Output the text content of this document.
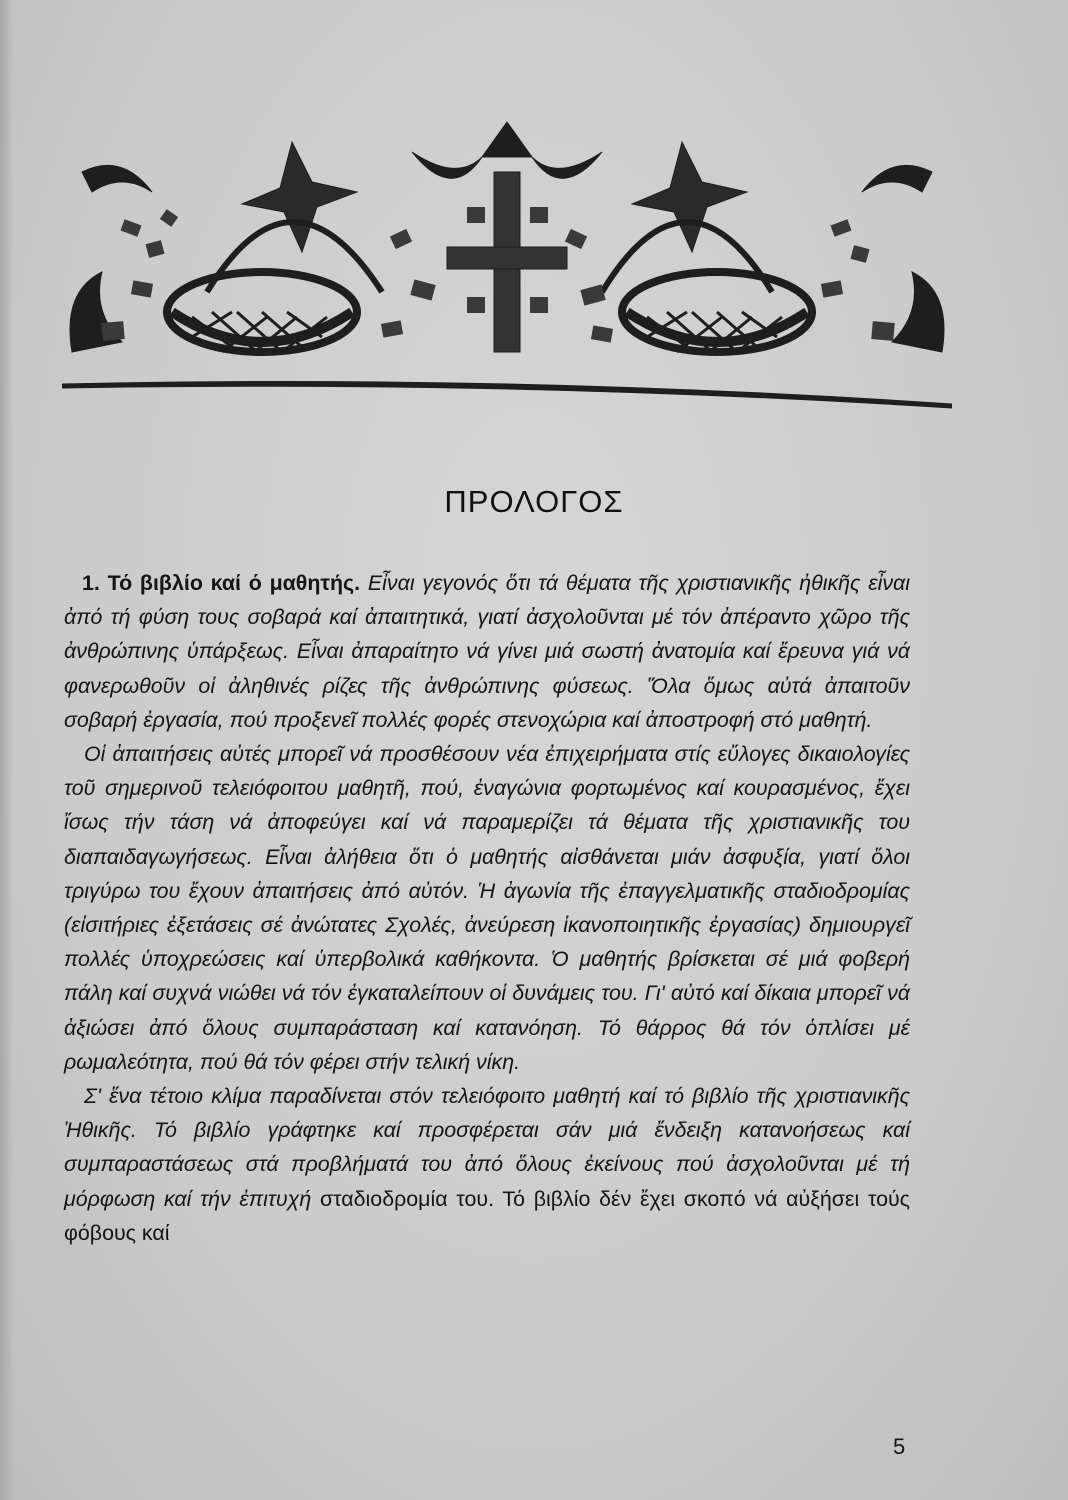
ΠΡΟΛΟΓΟΣ

1. Τό βιβλίο καί ό μαθητής. Εἶναι γεγονός ὅτι τά θέματα τῆς χριστιανικῆς ἠθικῆς εἶναι ἀπό τή φύση τους σοβαρά καί ἀπαιτητικά, γιατί ἀσχολοῦνται μέ τόν ἀπέραντο χῶρο τῆς ἀνθρώπινης ὑπάρξεως. Εἶναι ἀπαραίτητο νά γίνει μιά σωστή ἀνατομία καί ἔρευνα γιά νά φανερωθοῦν οἱ ἀληθινές ρίζες τῆς ἀνθρώπινης φύσεως. Ὅλα ὅμως αὐτά ἀπαιτοῦν σοβαρή ἐργασία, πού προξενεῖ πολλές φορές στενοχώρια καί ἀποστροφή στό μαθητή.

Οἱ ἀπαιτήσεις αὐτές μπορεῖ νά προσθέσουν νέα ἐπιχειρήματα στίς εὔλογες δικαιολογίες τοῦ σημερινοῦ τελειόφοιτου μαθητῆ, πού, ἐναγώνια φορτωμένος καί κουρασμένος, ἔχει ἴσως τήν τάση νά ἀποφεύγει καί νά παραμερίζει τά θέματα τῆς χριστιανικῆς του διαπαιδαγωγήσεως. Εἶναι ἀλήθεια ὅτι ὁ μαθητής αἰσθάνεται μιάν ἀσφυξία, γιατί ὅλοι τριγύρω του ἔχουν ἀπαιτήσεις ἀπό αὐτόν. Ἡ ἀγωνία τῆς ἐπαγγελματικῆς σταδιοδρομίας (εἰσιτήριες ἐξετάσεις σέ ἀνώτατες Σχολές, ἀνεύρεση ἱκανοποιητικῆς ἐργασίας) δημιουργεῖ πολλές ὑποχρεώσεις καί ὑπερβολικά καθήκοντα. Ὁ μαθητής βρίσκεται σέ μιά φοβερή πάλη καί συχνά νιώθει νά τόν ἐγκαταλείπουν οἱ δυνάμεις του. Γι' αὐτό καί δίκαια μπορεῖ νά ἀξιώσει ἀπό ὅλους συμπαράσταση καί κατανόηση. Τό θάρρος θά τόν ὁπλίσει μέ ρωμαλεότητα, πού θά τόν φέρει στήν τελική νίκη.

Σ' ἕνα τέτοιο κλίμα παραδίνεται στόν τελειόφοιτο μαθητή καί τό βιβλίο τῆς χριστιανικῆς Ἠθικῆς. Τό βιβλίο γράφτηκε καί προσφέρεται σάν μιά ἔνδειξη κατανοήσεως καί συμπαραστάσεως στά προβλήματά του ἀπό ὅλους ἐκείνους πού ἀσχολοῦνται μέ τή μόρφωση καί τήν ἐπιτυχή σταδιοδρομία του. Τό βιβλίο δέν ἔχει σκοπό νά αὐξήσει τούς φόβους καί

5
